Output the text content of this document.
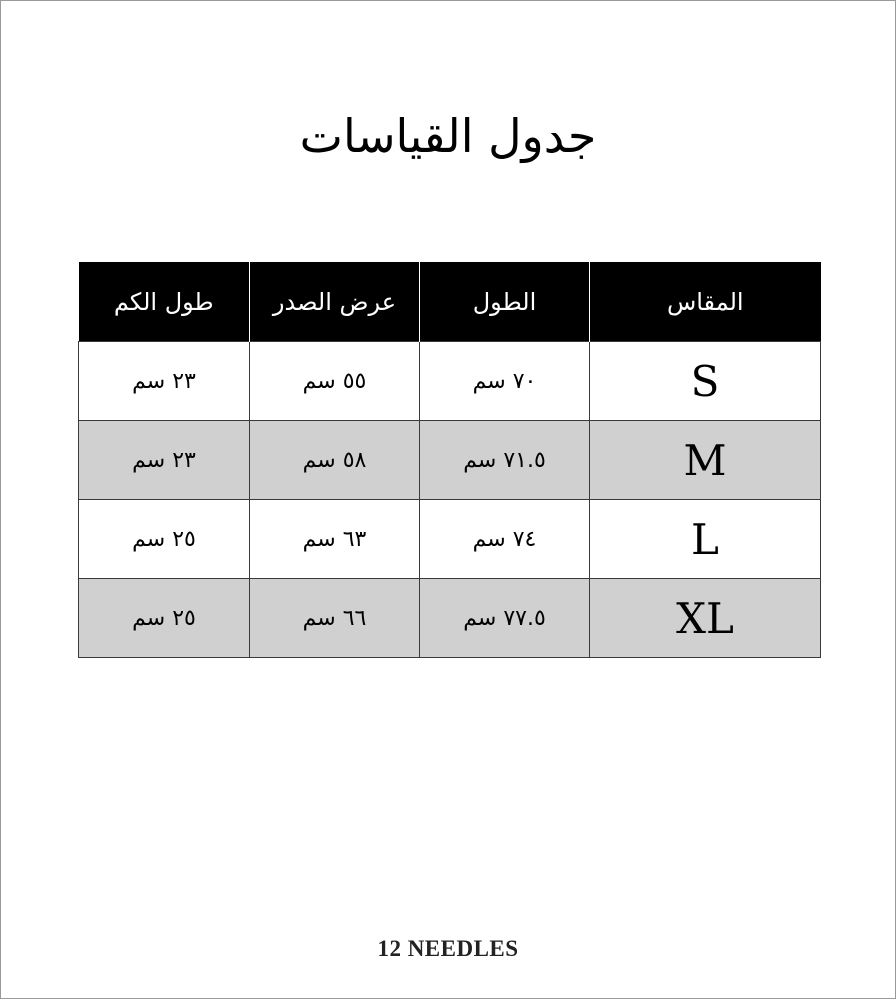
جدول القياسات
المقاس	الطول	عرض الصدر	طول الكم
S	٧٠ سم	٥٥ سم	٢٣ سم
M	٧١.٥ سم	٥٨ سم	٢٣ سم
L	٧٤ سم	٦٣ سم	٢٥ سم
XL	٧٧.٥ سم	٦٦ سم	٢٥ سم
12 NEEDLES
